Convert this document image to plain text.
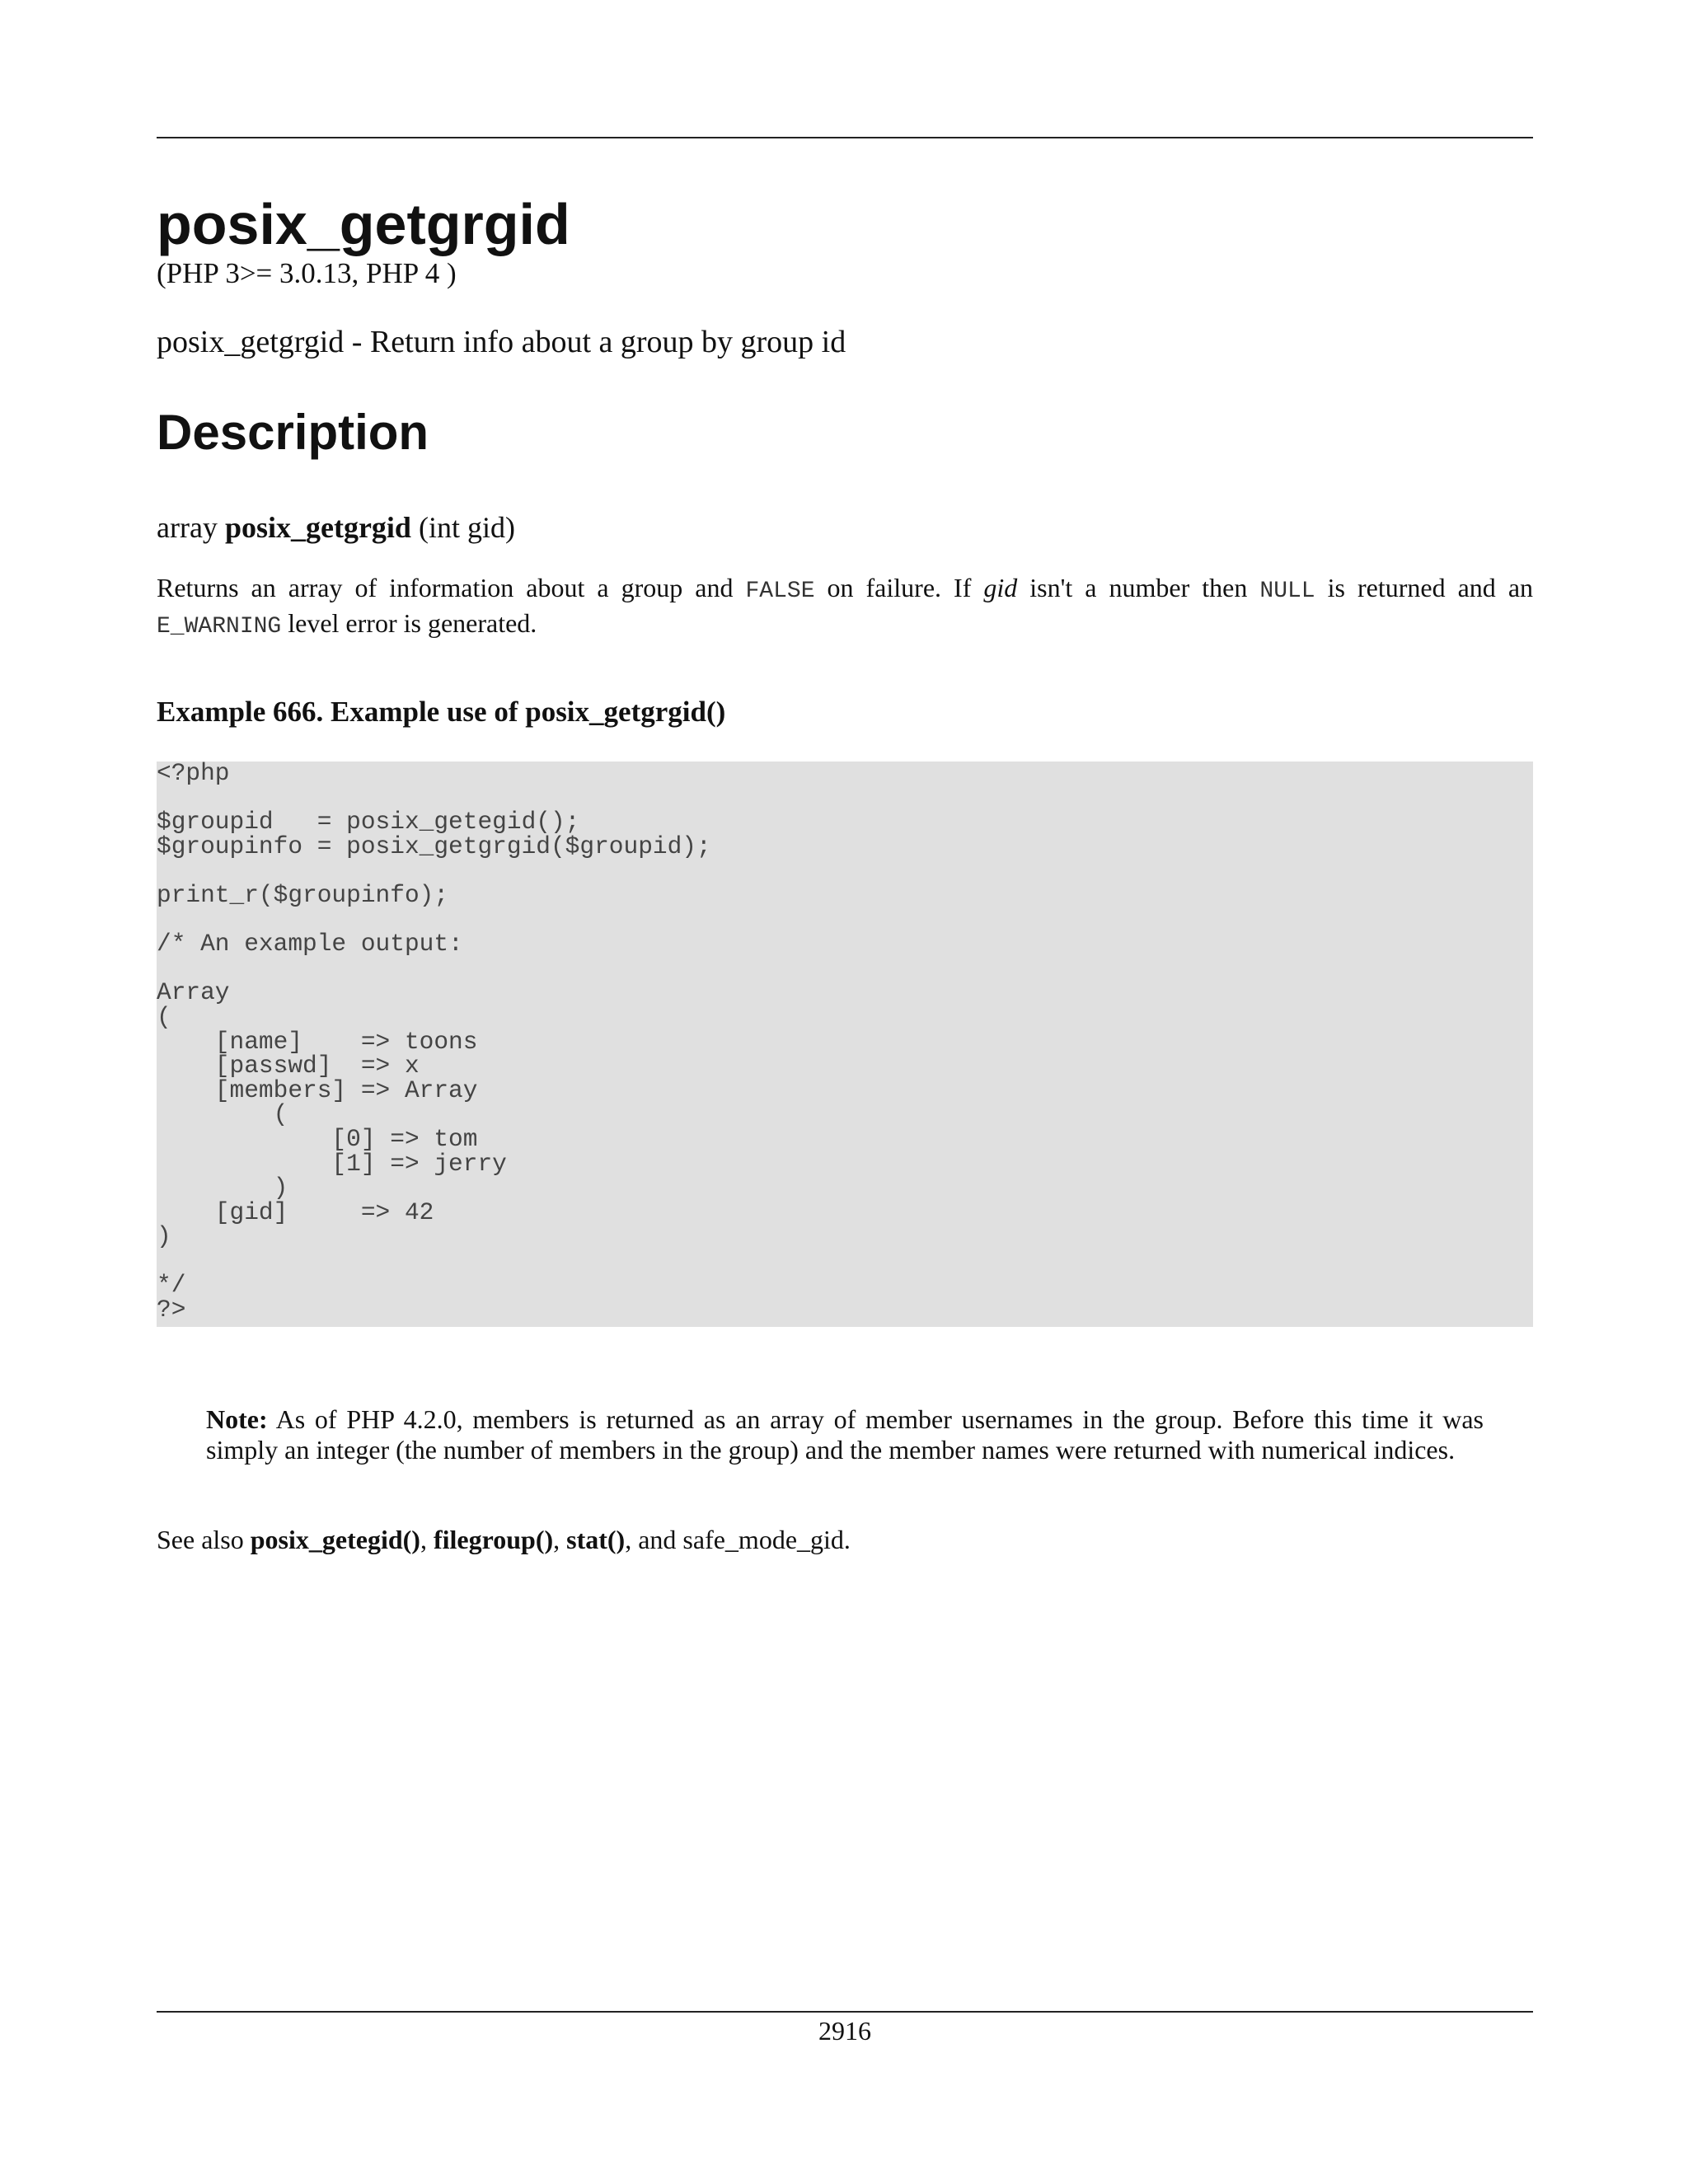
posix_getgrgid
(PHP 3>= 3.0.13, PHP 4 )
posix_getgrgid - Return info about a group by group id
Description
array posix_getgrgid (int gid)

Returns an array of information about a group and FALSE on failure. If gid isn't a number then NULL is returned and an E_WARNING level error is generated.

Example 666. Example use of posix_getgrgid()
<?php

$groupid   = posix_getegid();
$groupinfo = posix_getgrgid($groupid);

print_r($groupinfo);

/* An example output:

Array
(
[name]    => toons
[passwd]  => x
[members] => Array
(
[0] => tom
[1] => jerry
)
[gid]     => 42
)

*/
?>

Note: As of PHP 4.2.0, members is returned as an array of member usernames in the group. Before this time it was simply an integer (the number of members in the group) and the member names were returned with numerical indices.

See also posix_getegid(), filegroup(), stat(), and safe_mode_gid.

2916
